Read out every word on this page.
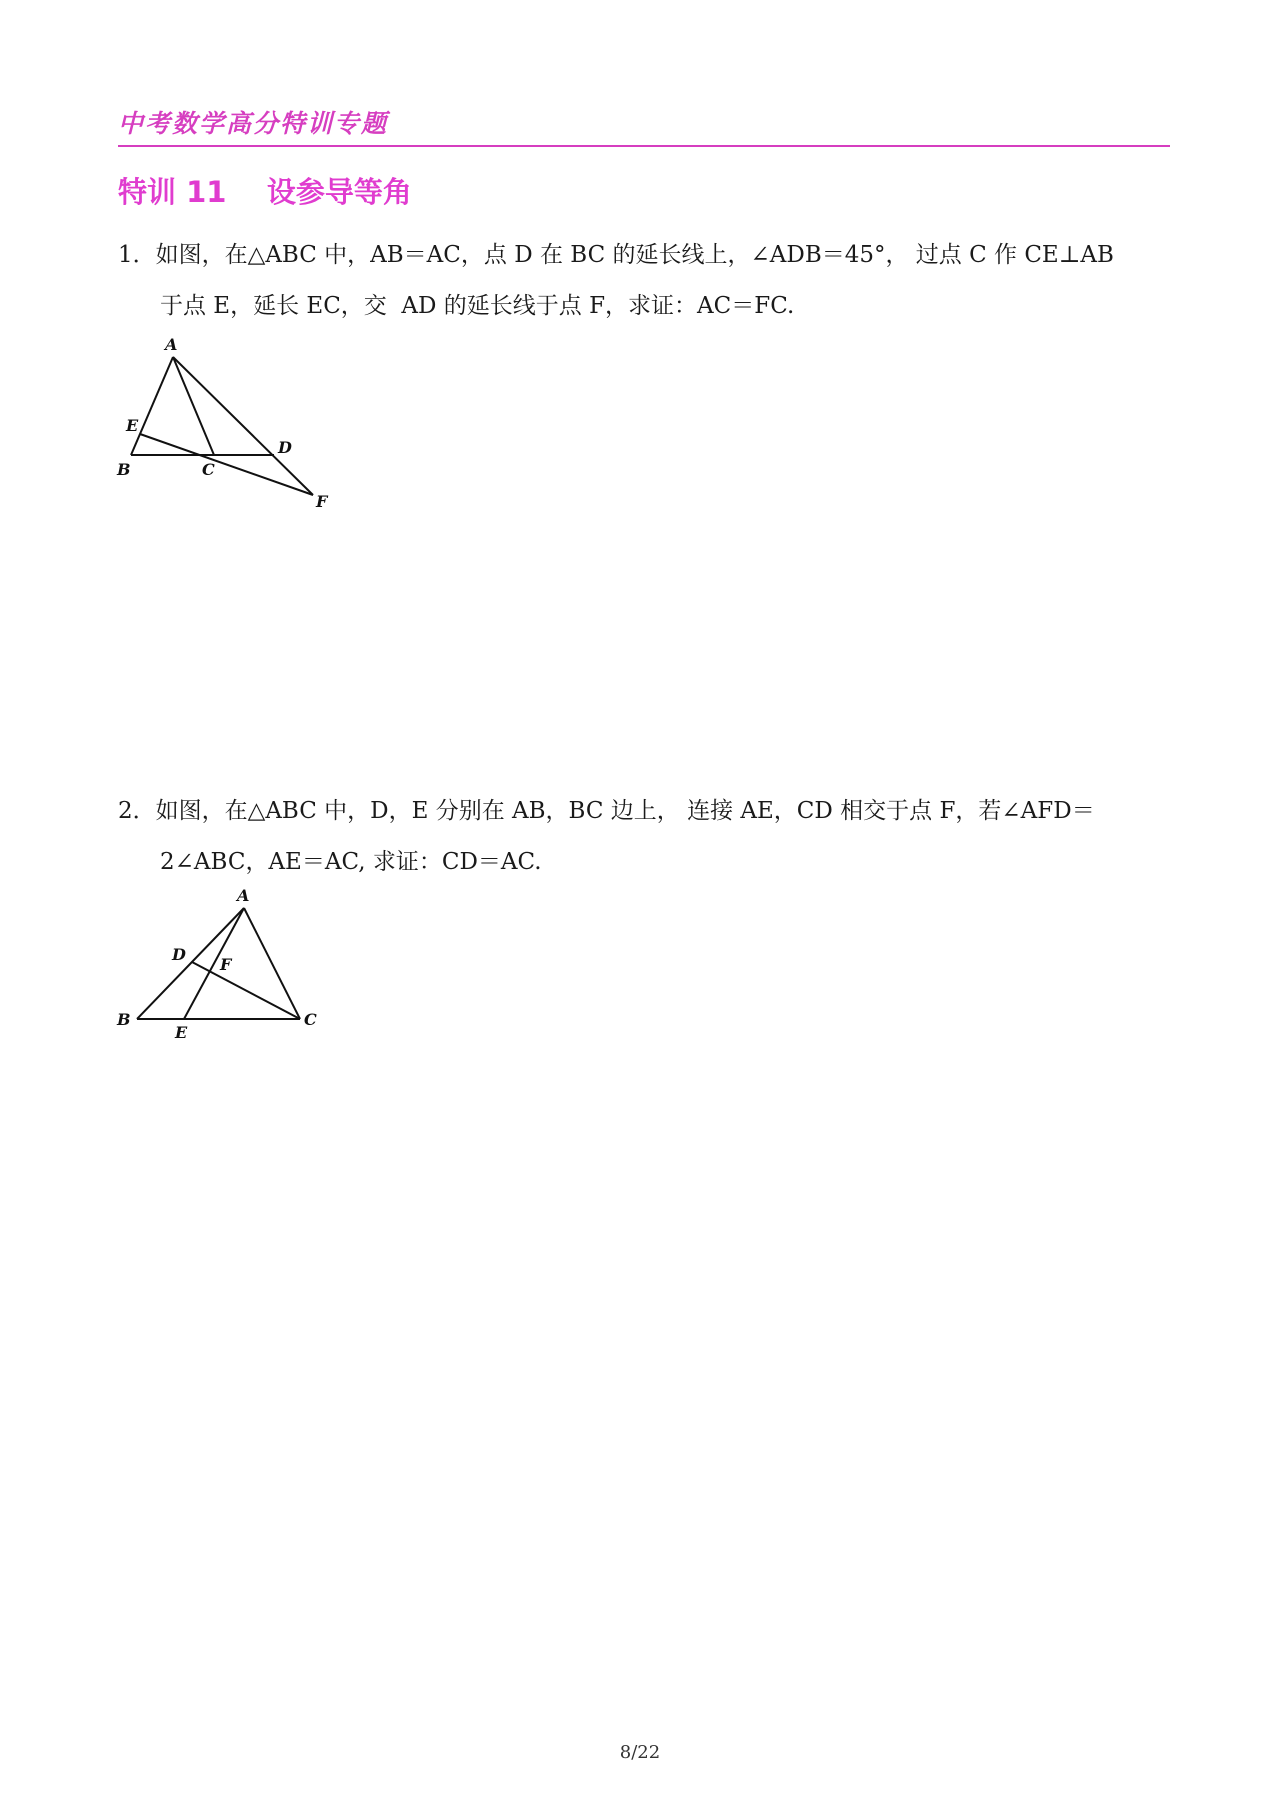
中考数学高分特训专题
特训 11    设参导等角
1．如图，在△ABC 中，AB＝AC，点 D 在 BC 的延长线上，∠ADB＝45°， 过点 C 作 CE⊥AB
于点 E，延长 EC，交  AD 的延长线于点 F，求证：AC＝FC.
A
E
B	C
D
F
2．如图，在△ABC 中，D，E 分别在 AB，BC 边上， 连接 AE，CD 相交于点 F，若∠AFD＝
2∠ABC，AE＝AC, 求证：CD＝AC.
A
D
F
B
E
C
8/22
